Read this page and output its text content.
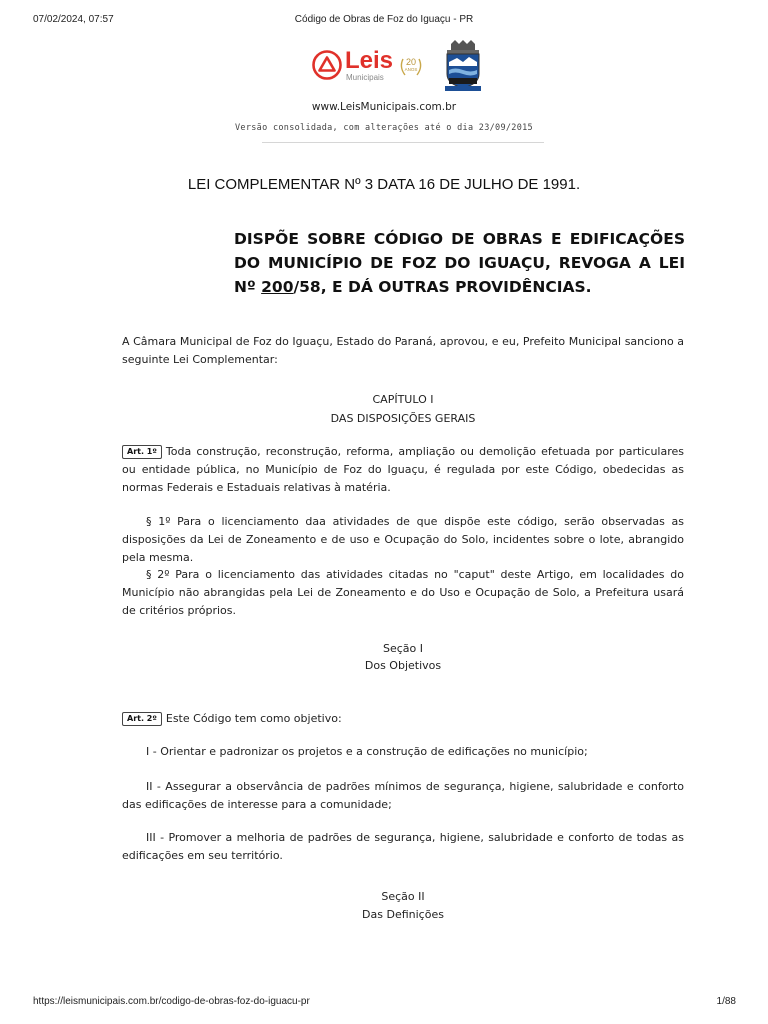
07/02/2024, 07:57	Código de Obras de Foz do Iguaçu - PR
Leis
Municipais
20
ANOS
www.LeisMunicipais.com.br
Versão consolidada, com alterações até o dia 23/09/2015
LEI COMPLEMENTAR Nº 3 DATA 16 DE JULHO DE 1991.
DISPÕE SOBRE CÓDIGO DE OBRAS E EDIFICAÇÕES DO MUNICÍPIO DE FOZ DO IGUAÇU, REVOGA A LEI Nº 200/58, E DÁ OUTRAS PROVIDÊNCIAS.
A Câmara Municipal de Foz do Iguaçu, Estado do Paraná, aprovou, e eu, Prefeito Municipal sanciono a seguinte Lei Complementar:
CAPÍTULO I
DAS DISPOSIÇÕES GERAIS
Art. 1º Toda construção, reconstrução, reforma, ampliação ou demolição efetuada por particulares ou entidade pública, no Município de Foz do Iguaçu, é regulada por este Código, obedecidas as normas Federais e Estaduais relativas à matéria.
§ 1º Para o licenciamento daa atividades de que dispõe este código, serão observadas as disposições da Lei de Zoneamento e de uso e Ocupação do Solo, incidentes sobre o lote, abrangido pela mesma.
§ 2º Para o licenciamento das atividades citadas no "caput" deste Artigo, em localidades do Município não abrangidas pela Lei de Zoneamento e do Uso e Ocupação de Solo, a Prefeitura usará de critérios próprios.
Seção I
Dos Objetivos
Art. 2º Este Código tem como objetivo:
I - Orientar e padronizar os projetos e a construção de edificações no município;
II - Assegurar a observância de padrões mínimos de segurança, higiene, salubridade e conforto das edificações de interesse para a comunidade;
III - Promover a melhoria de padrões de segurança, higiene, salubridade e conforto de todas as edificações em seu território.
Seção II
Das Definições
https://leismunicipais.com.br/codigo-de-obras-foz-do-iguacu-pr	1/88
